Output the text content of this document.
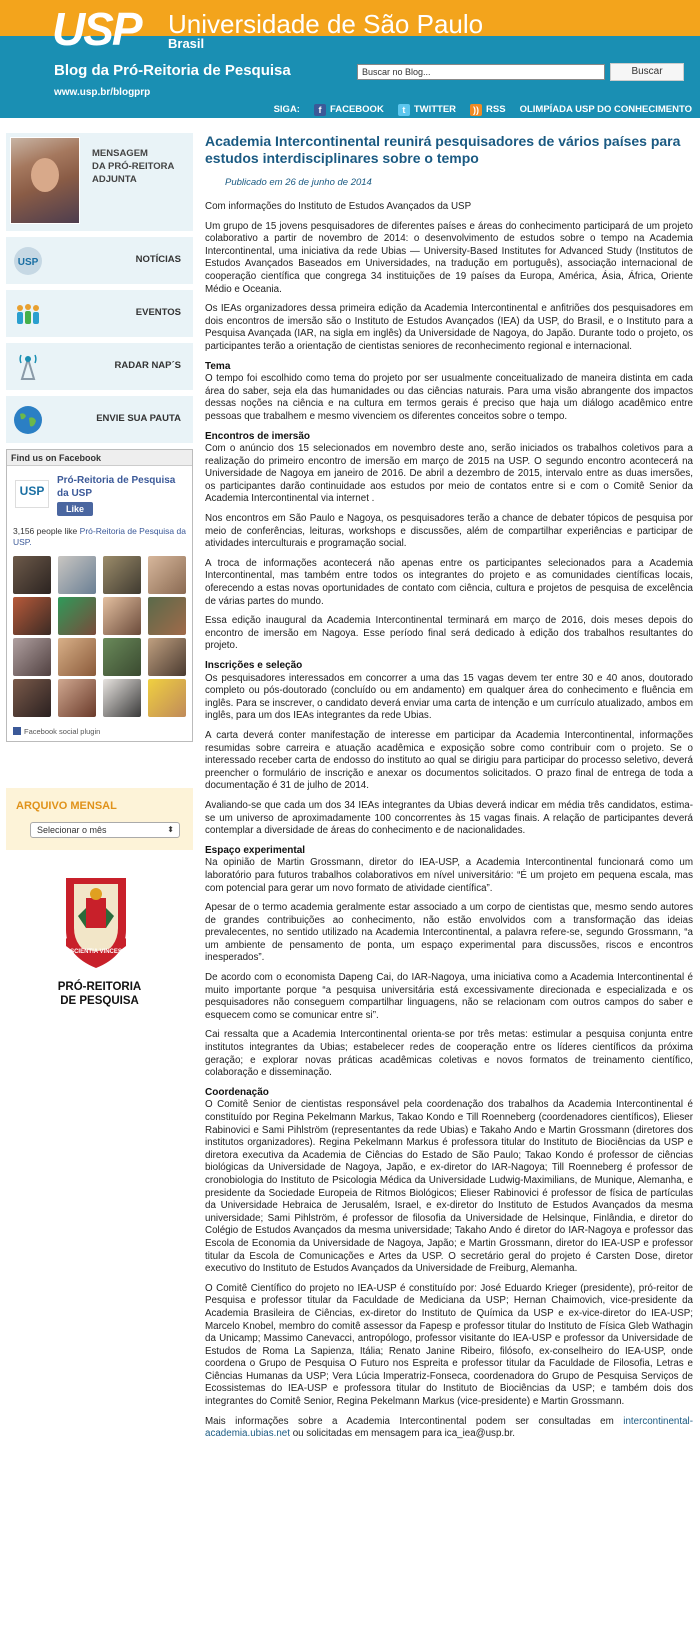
USP	Universidade de São Paulo
Brasil
Blog da Pró-Reitoria de Pesquisa
www.usp.br/blogprp
Buscar no Blog...
Buscar
SIGA:	f FACEBOOK	t TWITTER	)) RSS OLIMPÍADA USP DO CONHECIMENTO
MENSAGEM
DA PRÓ-REITORA
ADJUNTA
USP	NOTÍCIAS
EVENTOS
RADAR NAP´S
ENVIE SUA PAUTA
Find us on Facebook
USP
Pró-Reitoria de Pesquisa da USP
Like
3,156 people like Pró-Reitoria de Pesquisa da USP.
Facebook social plugin
ARQUIVO MENSAL
Selecionar o mês	⬍
SCIENTIA VINCES
PRÓ-REITORIA
DE PESQUISA
Academia Intercontinental reunirá pesquisadores de vários países para estudos interdisciplinares sobre o tempo
Publicado em 26 de junho de 2014

Com informações do Instituto de Estudos Avançados da USP

Um grupo de 15 jovens pesquisadores de diferentes países e áreas do conhecimento participará de um projeto colaborativo a partir de novembro de 2014: o desenvolvimento de estudos sobre o tempo na Academia Intercontinental, uma iniciativa da rede Ubias — University-Based Institutes for Advanced Study (Institutos de Estudos Avançados Baseados em Universidades, na tradução em português), associação internacional de cooperação científica que congrega 34 instituições de 19 países da Europa, América, Ásia, África, Oriente Médio e Oceania.

Os IEAs organizadores dessa primeira edição da Academia Intercontinental e anfitriões dos pesquisadores em dois encontros de imersão são o Instituto de Estudos Avançados (IEA) da USP, do Brasil, e o Instituto para a Pesquisa Avançada (IAR, na sigla em inglês) da Universidade de Nagoya, do Japão. Durante todo o projeto, os participantes terão a orientação de cientistas seniores de reconhecimento regional e internacional.

Tema

O tempo foi escolhido como tema do projeto por ser usualmente conceitualizado de maneira distinta em cada área do saber, seja ela das humanidades ou das ciências naturais. Para uma visão abrangente dos impactos dessas noções na ciência e na cultura em termos gerais é preciso que haja um diálogo acadêmico entre pessoas que trabalhem e mesmo vivenciem os diferentes conceitos sobre o tempo.

Encontros de imersão

Com o anúncio dos 15 selecionados em novembro deste ano, serão iniciados os trabalhos coletivos para a realização do primeiro encontro de imersão em março de 2015 na USP. O segundo encontro acontecerá na Universidade de Nagoya em janeiro de 2016. De abril a dezembro de 2015, intervalo entre as duas imersões, os participantes darão continuidade aos estudos por meio de contatos entre si e com o Comitê Senior da Academia Intercontinental via internet .

Nos encontros em São Paulo e Nagoya, os pesquisadores terão a chance de debater tópicos de pesquisa por meio de conferências, leituras, workshops e discussões, além de compartilhar experiências e participar de atividades interculturais e programação social.

A troca de informações acontecerá não apenas entre os participantes selecionados para a Academia Intercontinental, mas também entre todos os integrantes do projeto e as comunidades científicas locais, oferecendo a estas novas oportunidades de contato com ciência, cultura e projetos de pesquisa de excelência de várias partes do mundo.

Essa edição inaugural da Academia Intercontinental terminará em março de 2016, dois meses depois do encontro de imersão em Nagoya. Esse período final será dedicado à edição dos trabalhos resultantes do projeto.

Inscrições e seleção

Os pesquisadores interessados em concorrer a uma das 15 vagas devem ter entre 30 e 40 anos, doutorado completo ou pós-doutorado (concluído ou em andamento) em qualquer área do conhecimento e fluência em inglês. Para se inscrever, o candidato deverá enviar uma carta de intenção e um currículo atualizado, ambos em inglês, para um dos IEAs integrantes da rede Ubias.

A carta deverá conter manifestação de interesse em participar da Academia Intercontinental, informações resumidas sobre carreira e atuação acadêmica e exposição sobre como contribuir com o projeto. Se o interessado receber carta de endosso do instituto ao qual se dirigiu para participar do processo seletivo, deverá preencher o formulário de inscrição e anexar os documentos solicitados. O prazo final de entrega de toda a documentação é 31 de julho de 2014.

Avaliando-se que cada um dos 34 IEAs integrantes da Ubias deverá indicar em média três candidatos, estima-se um universo de aproximadamente 100 concorrentes às 15 vagas finais. A relação de participantes deverá contemplar a diversidade de áreas do conhecimento e de nacionalidades.

Espaço experimental

Na opinião de Martin Grossmann, diretor do IEA-USP, a Academia Intercontinental funcionará como um laboratório para futuros trabalhos colaborativos em nível universitário: “É um projeto em pequena escala, mas com potencial para gerar um novo formato de atividade científica”.

Apesar de o termo academia geralmente estar associado a um corpo de cientistas que, mesmo sendo autores de grandes contribuições ao conhecimento, não estão envolvidos com a transformação das ideias prevalecentes, no sentido utilizado na Academia Intercontinental, a palavra refere-se, segundo Grossmann, “a um ambiente de pensamento de ponta, um espaço experimental para discussões, riscos e encontros inesperados”.

De acordo com o economista Dapeng Cai, do IAR-Nagoya, uma iniciativa como a Academia Intercontinental é muito importante porque “a pesquisa universitária está excessivamente direcionada e especializada e os pesquisadores não conseguem compartilhar linguagens, não se relacionam com outros campos do saber e esquecem como se comunicar entre si”.

Cai ressalta que a Academia Intercontinental orienta-se por três metas: estimular a pesquisa conjunta entre institutos integrantes da Ubias; estabelecer redes de cooperação entre os líderes científicos da próxima geração; e explorar novas práticas acadêmicas coletivas e novos formatos de treinamento científico, colaboração e disseminação.

Coordenação

O Comitê Senior de cientistas responsável pela coordenação dos trabalhos da Academia Intercontinental é constituído por Regina Pekelmann Markus, Takao Kondo e Till Roenneberg (coordenadores científicos), Elieser Rabinovici e Sami Pihlström (representantes da rede Ubias) e Takaho Ando e Martin Grossmann (diretores dos institutos organizadores). Regina Pekelmann Markus é professora titular do Instituto de Biociências da USP e diretora executiva da Academia de Ciências do Estado de São Paulo; Takao Kondo é professor de ciências biológicas da Universidade de Nagoya, Japão, e ex-diretor do IAR-Nagoya; Till Roenneberg é professor de cronobiologia do Instituto de Psicologia Médica da Universidade Ludwig-Maximilians, de Munique, Alemanha, e presidente da Sociedade Europeia de Ritmos Biológicos; Elieser Rabinovici é professor de física de partículas da Universidade Hebraica de Jerusalém, Israel, e ex-diretor do Instituto de Estudos Avançados da mesma universidade; Sami Pihlström, é professor de filosofia da Universidade de Helsinque, Finlândia, e diretor do Colégio de Estudos Avançados da mesma universidade; Takaho Ando é diretor do IAR-Nagoya e professor das Escola de Economia da Universidade de Nagoya, Japão; e Martin Grossmann, diretor do IEA-USP e professor titular da Escola de Comunicações e Artes da USP. O secretário geral do projeto é Carsten Dose, diretor executivo do Instituto de Estudos Avançados da Universidade de Freiburg, Alemanha.

O Comitê Científico do projeto no IEA-USP é constituído por: José Eduardo Krieger (presidente), pró-reitor de Pesquisa e professor titular da Faculdade de Mediciana da USP; Hernan Chaimovich, vice-presidente da Academia Brasileira de Ciências, ex-diretor do Instituto de Química da USP e ex-vice-diretor do IEA-USP; Marcelo Knobel, membro do comitê assessor da Fapesp e professor titular do Instituto de Física Gleb Wathagin da Unicamp; Massimo Canevacci, antropólogo, professor visitante do IEA-USP e professor da Universidade de Estudos de Roma La Sapienza, Itália; Renato Janine Ribeiro, filósofo, ex-conselheiro do IEA-USP, onde coordena o Grupo de Pesquisa O Futuro nos Espreita e professor titular da Faculdade de Filosofia, Letras e Ciências Humanas da USP; Vera Lúcia Imperatriz-Fonseca, coordenadora do Grupo de Pesquisa Serviços de Ecossistemas do IEA-USP e professora titular do Instituto de Biociências da USP; e também dois dos integrantes do Comitê Senior, Regina Pekelmann Markus (vice-presidente) e Martin Grossmann.

Mais informações sobre a Academia Intercontinental podem ser consultadas em intercontinental-academia.ubias.net ou solicitadas em mensagem para ica_iea@usp.br.
